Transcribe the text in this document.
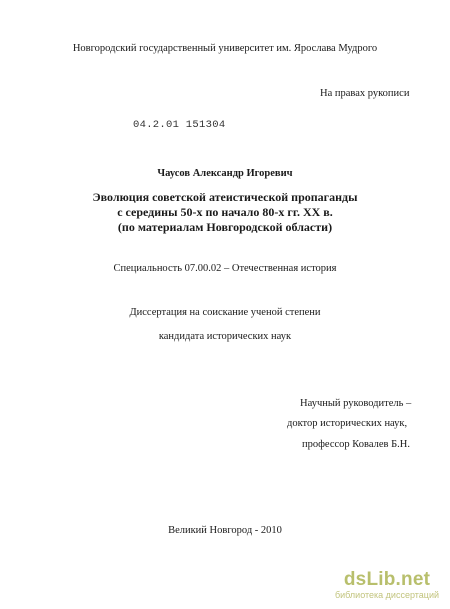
Новгородский государственный университет им. Ярослава Мудрого
На правах рукописи
04.2.01 151304
Чаусов Александр Игоревич
Эволюция советской атеистической пропаганды
с середины 50-х по начало 80-х гг. XX в.
(по материалам Новгородской области)
Специальность 07.00.02 – Отечественная история
Диссертация на соискание ученой степени
кандидата исторических наук
Научный руководитель –
доктор исторических наук,
профессор Ковалев Б.Н.
Великий Новгород - 2010
dsLib.net
библиотека диссертаций
